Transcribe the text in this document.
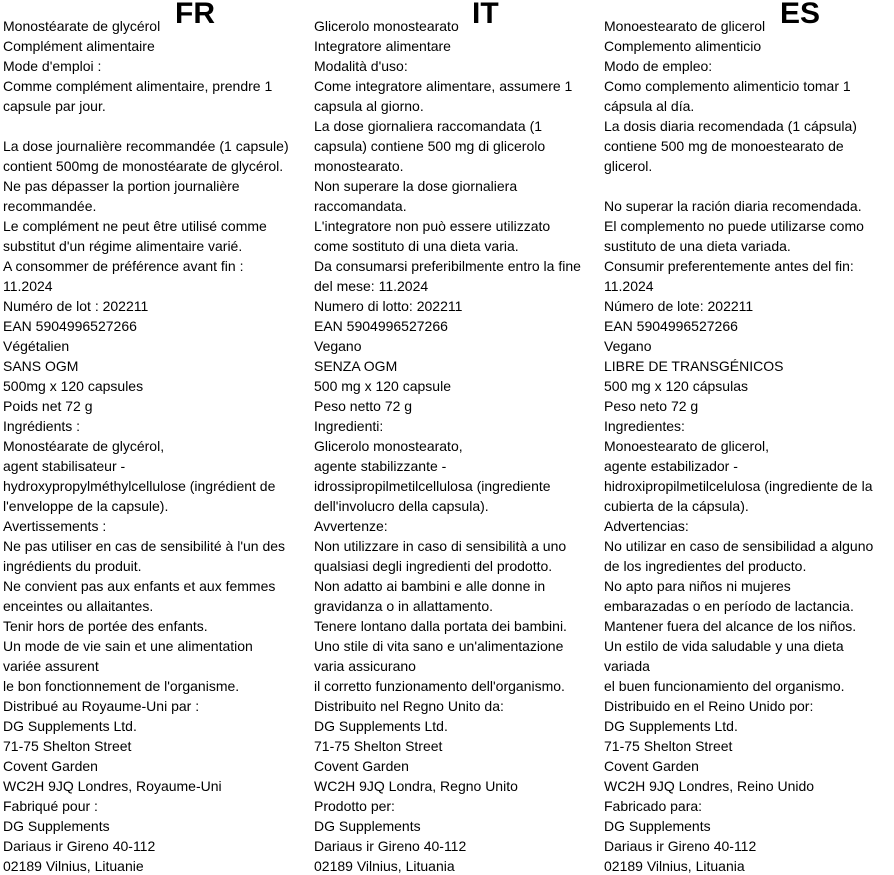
FR

Monostéarate de glycérol

Complément alimentaire

Mode d'emploi :

Comme complément alimentaire, prendre 1

capsule par jour.

La dose journalière recommandée (1 capsule)

contient 500mg de monostéarate de glycérol.

Ne pas dépasser la portion journalière

recommandée.

Le complément ne peut être utilisé comme

substitut d'un régime alimentaire varié.

A consommer de préférence avant fin :

11.2024

Numéro de lot : 202211

EAN 5904996527266

Végétalien

SANS OGM

500mg x 120 capsules

Poids net 72 g

Ingrédients :

Monostéarate de glycérol,

agent stabilisateur -

hydroxypropylméthylcellulose (ingrédient de

l'enveloppe de la capsule).

Avertissements :

Ne pas utiliser en cas de sensibilité à l'un des

ingrédients du produit.

Ne convient pas aux enfants et aux femmes

enceintes ou allaitantes.

Tenir hors de portée des enfants.

Un mode de vie sain et une alimentation

variée assurent

le bon fonctionnement de l'organisme.

Distribué au Royaume-Uni par :

DG Supplements Ltd.

71-75 Shelton Street

Covent Garden

WC2H 9JQ Londres, Royaume-Uni

Fabriqué pour :

DG Supplements

Dariaus ir Gireno 40-112

02189 Vilnius, Lituanie

IT

Glicerolo monostearato

Integratore alimentare

Modalità d'uso:

Come integratore alimentare, assumere 1

capsula al giorno.

La dose giornaliera raccomandata (1

capsula) contiene 500 mg di glicerolo

monostearato.

Non superare la dose giornaliera

raccomandata.

L'integratore non può essere utilizzato

come sostituto di una dieta varia.

Da consumarsi preferibilmente entro la fine

del mese: 11.2024

Numero di lotto: 202211

EAN 5904996527266

Vegano

SENZA OGM

500 mg x 120 capsule

Peso netto 72 g

Ingredienti:

Glicerolo monostearato,

agente stabilizzante -

idrossipropilmetilcellulosa (ingrediente

dell'involucro della capsula).

Avvertenze:

Non utilizzare in caso di sensibilità a uno

qualsiasi degli ingredienti del prodotto.

Non adatto ai bambini e alle donne in

gravidanza o in allattamento.

Tenere lontano dalla portata dei bambini.

Uno stile di vita sano e un'alimentazione

varia assicurano

il corretto funzionamento dell'organismo.

Distribuito nel Regno Unito da:

DG Supplements Ltd.

71-75 Shelton Street

Covent Garden

WC2H 9JQ Londra, Regno Unito

Prodotto per:

DG Supplements

Dariaus ir Gireno 40-112

02189 Vilnius, Lituania

ES

Monoestearato de glicerol

Complemento alimenticio

Modo de empleo:

Como complemento alimenticio tomar 1

cápsula al día.

La dosis diaria recomendada (1 cápsula)

contiene 500 mg de monoestearato de

glicerol.

No superar la ración diaria recomendada.

El complemento no puede utilizarse como

sustituto de una dieta variada.

Consumir preferentemente antes del fin:

11.2024

Número de lote: 202211

EAN 5904996527266

Vegano

LIBRE DE TRANSGÉNICOS

500 mg x 120 cápsulas

Peso neto 72 g

Ingredientes:

Monoestearato de glicerol,

agente estabilizador -

hidroxipropilmetilcelulosa (ingrediente de la

cubierta de la cápsula).

Advertencias:

No utilizar en caso de sensibilidad a alguno

de los ingredientes del producto.

No apto para niños ni mujeres

embarazadas o en período de lactancia.

Mantener fuera del alcance de los niños.

Un estilo de vida saludable y una dieta

variada

el buen funcionamiento del organismo.

Distribuido en el Reino Unido por:

DG Supplements Ltd.

71-75 Shelton Street

Covent Garden

WC2H 9JQ Londres, Reino Unido

Fabricado para:

DG Supplements

Dariaus ir Gireno 40-112

02189 Vilnius, Lituania
